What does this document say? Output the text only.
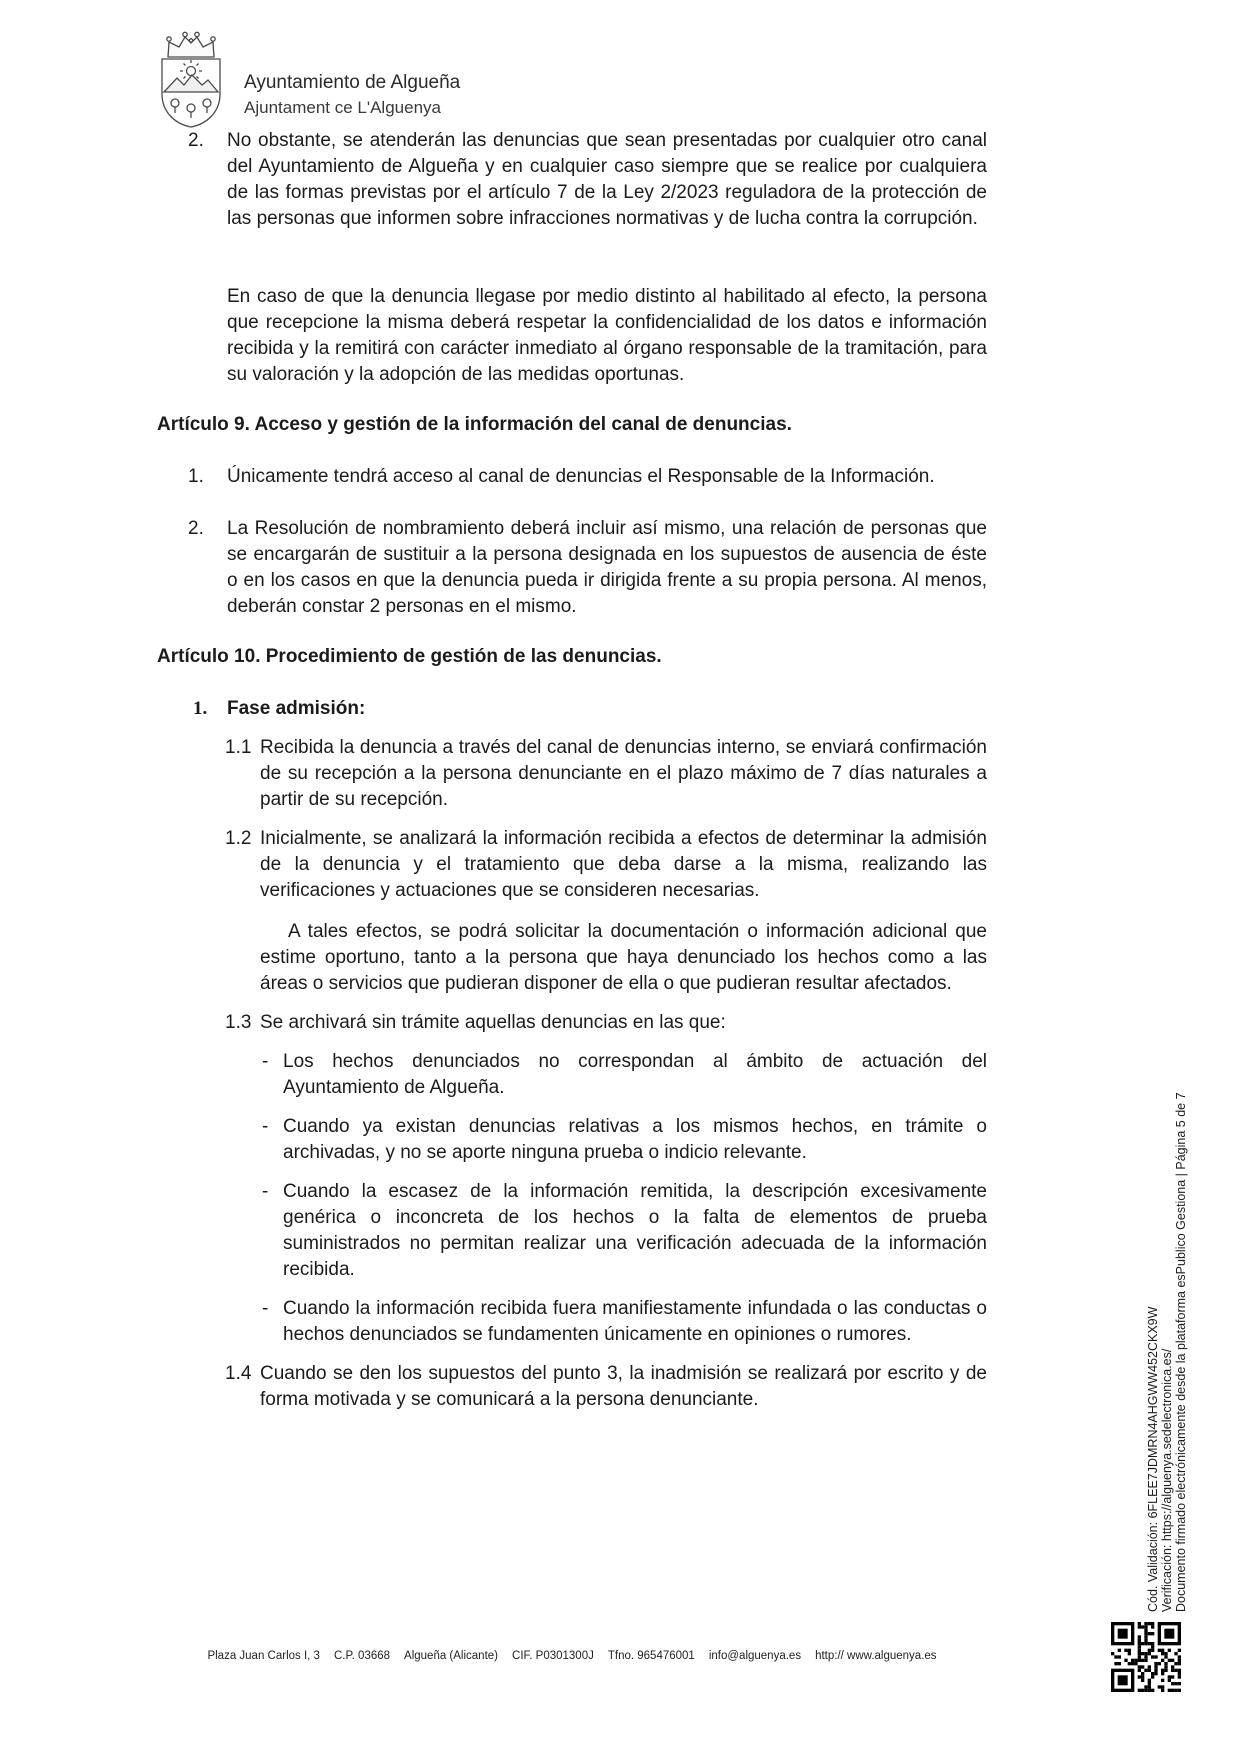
Ayuntamiento de Algueña
Ajuntament ce L'Alguenya
2. No obstante, se atenderán las denuncias que sean presentadas por cualquier otro canal del Ayuntamiento de Algueña y en cualquier caso siempre que se realice por cualquiera de las formas previstas por el artículo 7 de la Ley 2/2023 reguladora de la protección de las personas que informen sobre infracciones normativas y de lucha contra la corrupción.

En caso de que la denuncia llegase por medio distinto al habilitado al efecto, la persona que recepcione la misma deberá respetar la confidencialidad de los datos e información recibida y la remitirá con carácter inmediato al órgano responsable de la tramitación, para su valoración y la adopción de las medidas oportunas.

Artículo 9. Acceso y gestión de la información del canal de denuncias.
1. Únicamente tendrá acceso al canal de denuncias el Responsable de la Información.
2. La Resolución de nombramiento deberá incluir así mismo, una relación de personas que se encargarán de sustituir a la persona designada en los supuestos de ausencia de éste o en los casos en que la denuncia pueda ir dirigida frente a su propia persona. Al menos, deberán constar 2 personas en el mismo.
Artículo 10. Procedimiento de gestión de las denuncias.
1. Fase admisión:
1.1 Recibida la denuncia a través del canal de denuncias interno, se enviará confirmación de su recepción a la persona denunciante en el plazo máximo de 7 días naturales a partir de su recepción.
1.2 Inicialmente, se analizará la información recibida a efectos de determinar la admisión de la denuncia y el tratamiento que deba darse a la misma, realizando las verificaciones y actuaciones que se consideren necesarias.

A tales efectos, se podrá solicitar la documentación o información adicional que estime oportuno, tanto a la persona que haya denunciado los hechos como a las áreas o servicios que pudieran disponer de ella o que pudieran resultar afectados.

1.3 Se archivará sin trámite aquellas denuncias en las que:
- Los hechos denunciados no correspondan al ámbito de actuación del Ayuntamiento de Algueña.
- Cuando ya existan denuncias relativas a los mismos hechos, en trámite o archivadas, y no se aporte ninguna prueba o indicio relevante.
- Cuando la escasez de la información remitida, la descripción excesivamente genérica o inconcreta de los hechos o la falta de elementos de prueba suministrados no permitan realizar una verificación adecuada de la información recibida.
- Cuando la información recibida fuera manifiestamente infundada o las conductas o hechos denunciados se fundamenten únicamente en opiniones o rumores.
1.4 Cuando se den los supuestos del punto 3, la inadmisión se realizará por escrito y de forma motivada y se comunicará a la persona denunciante.	Cód. Validación: 6FLEE7JDMRN4AHGWW452CKX9W Verificación: https://alguenya.sedelectronica.es/ Documento firmado electrónicamente desde la plataforma esPublico Gestiona | Página 5 de 7
Plaza Juan Carlos I, 3 C.P. 03668 Algueña (Alicante) CIF. P0301300J Tfno. 965476001 info@alguenya.es http:// www.alguenya.es
